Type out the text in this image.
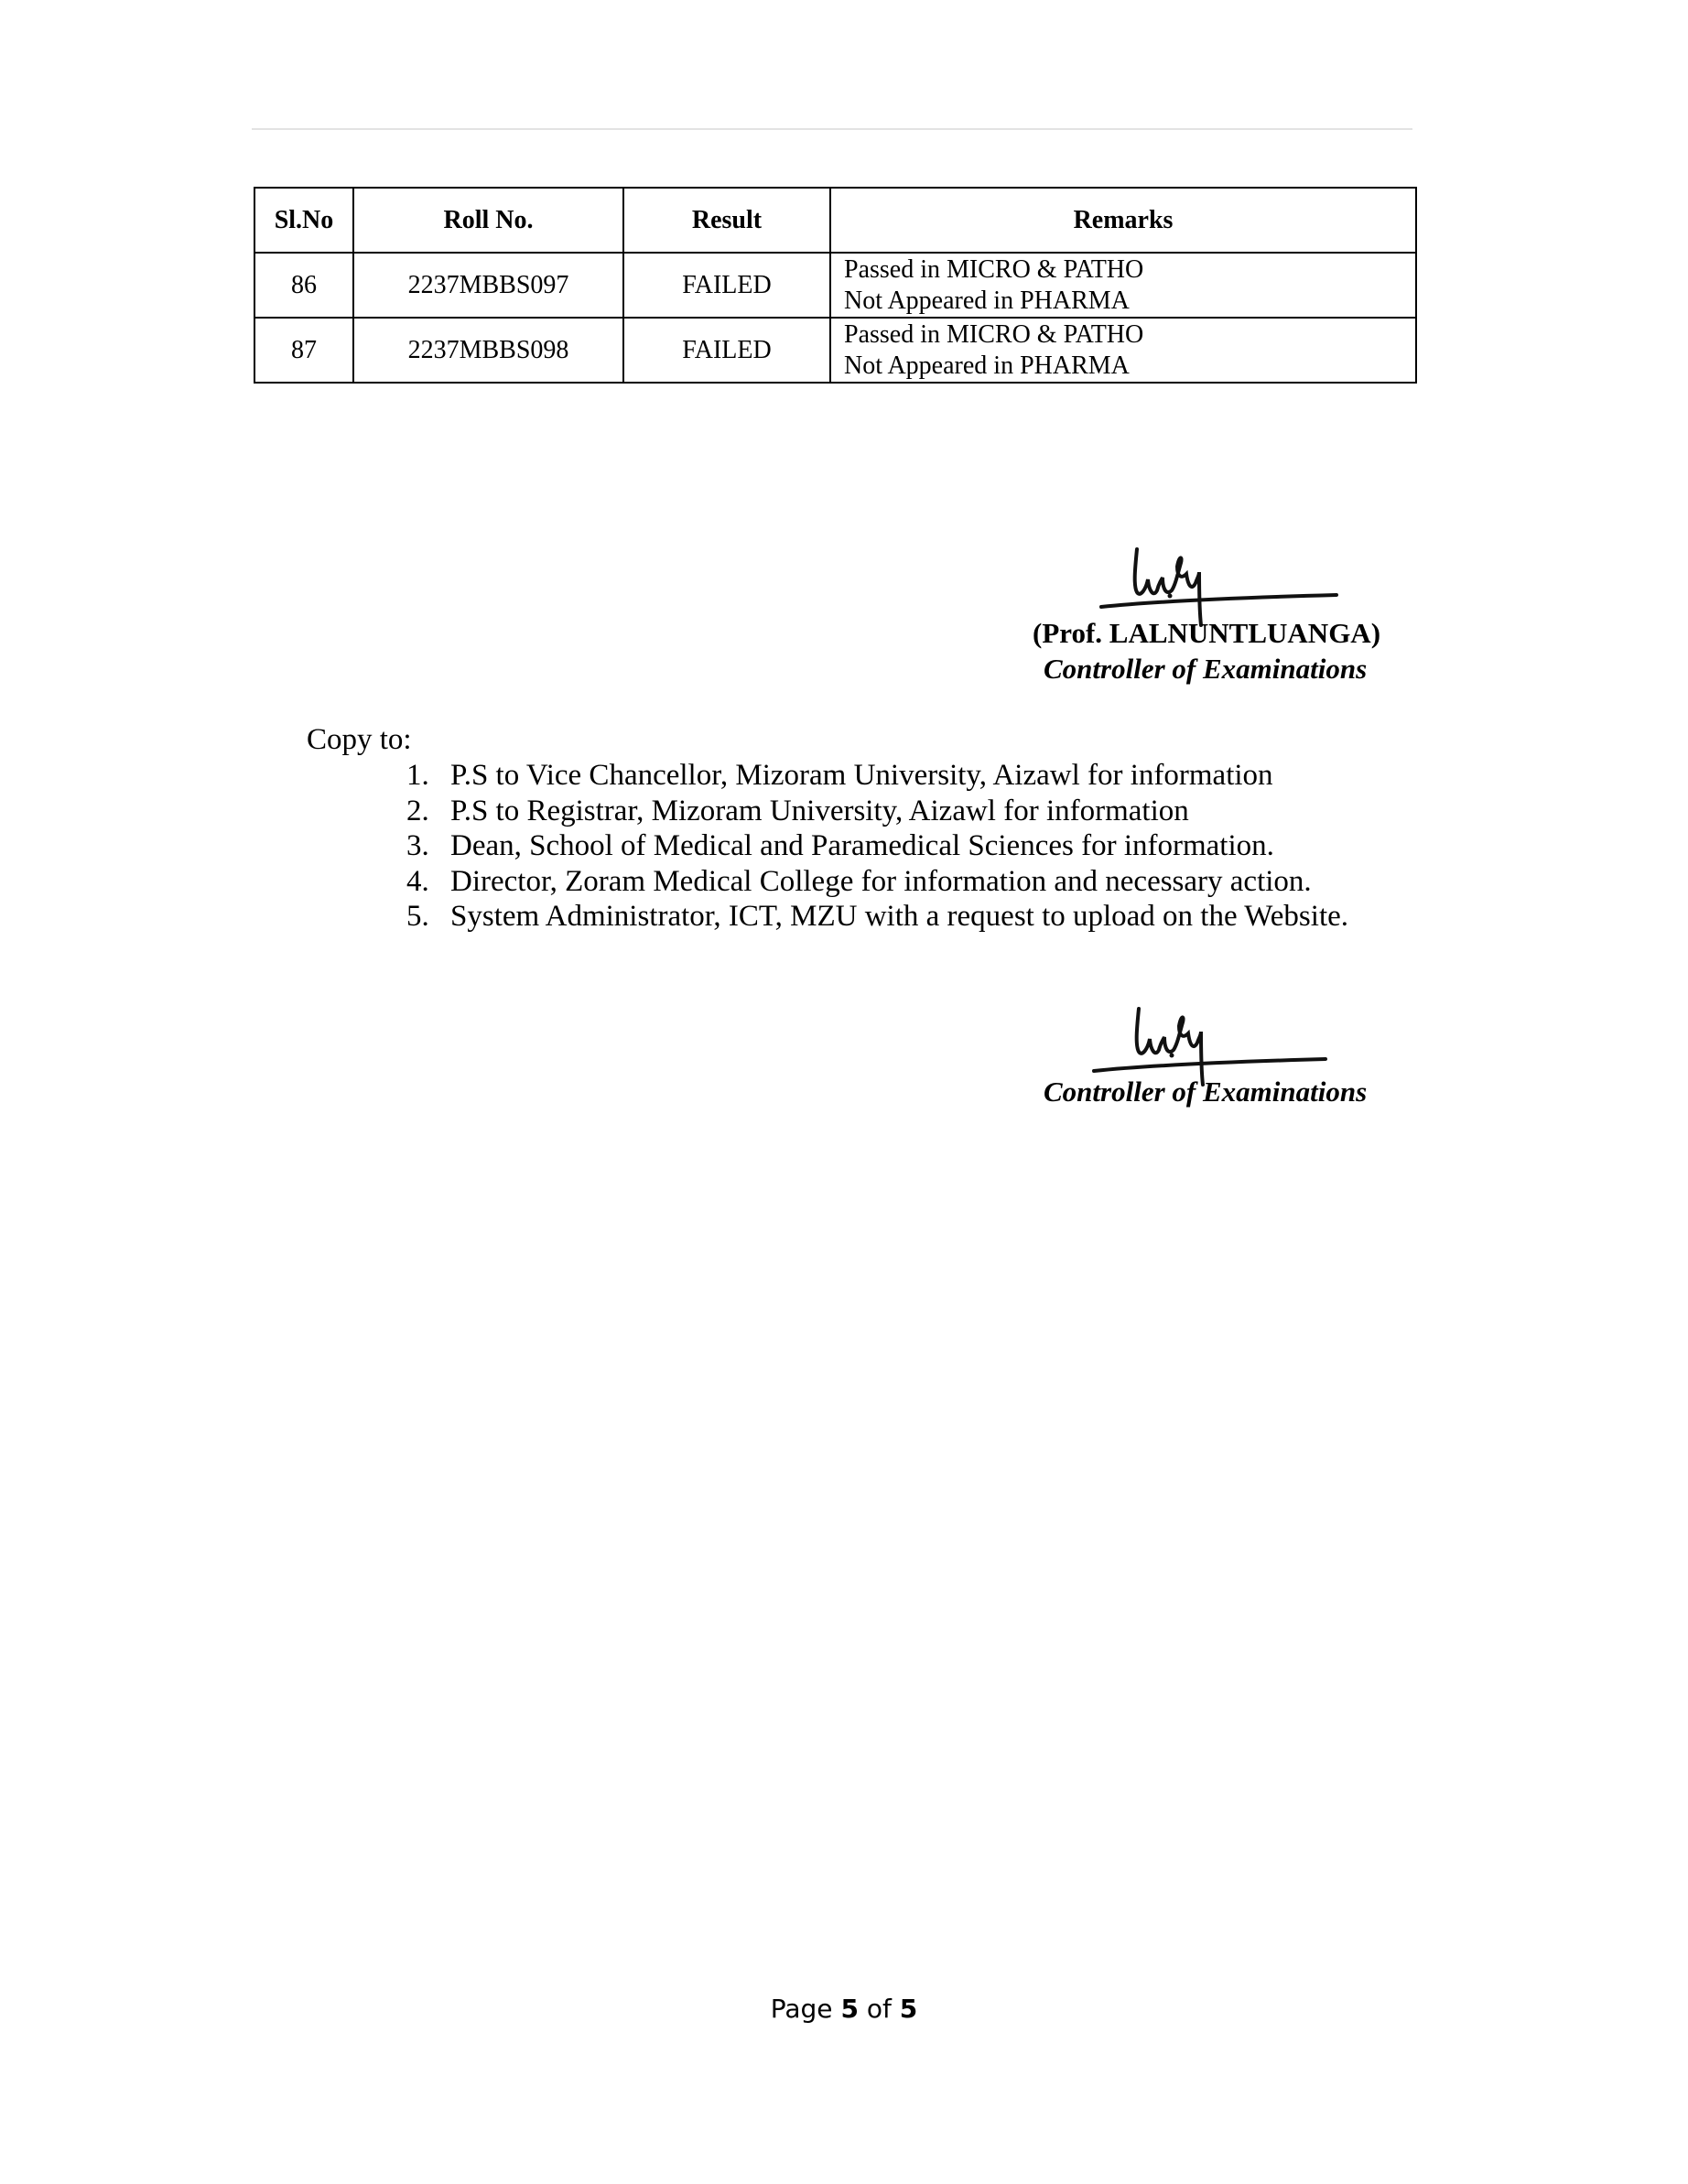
Sl.No	Roll No.	Result	Remarks
86	2237MBBS097	FAILED	Passed in MICRO & PATHO
Not Appeared in PHARMA

87	2237MBBS098	FAILED	Passed in MICRO & PATHO
Not Appeared in PHARMA
(Prof. LALNUNTLUANGA)
Controller of Examinations
Copy to:
1. P.S to Vice Chancellor, Mizoram University, Aizawl for information
2. P.S to Registrar, Mizoram University, Aizawl for information
3. Dean, School of Medical and Paramedical Sciences for information.
4. Director, Zoram Medical College for information and necessary action.
5. System Administrator, ICT, MZU with a request to upload on the Website.
Controller of Examinations
Page 5 of 5
